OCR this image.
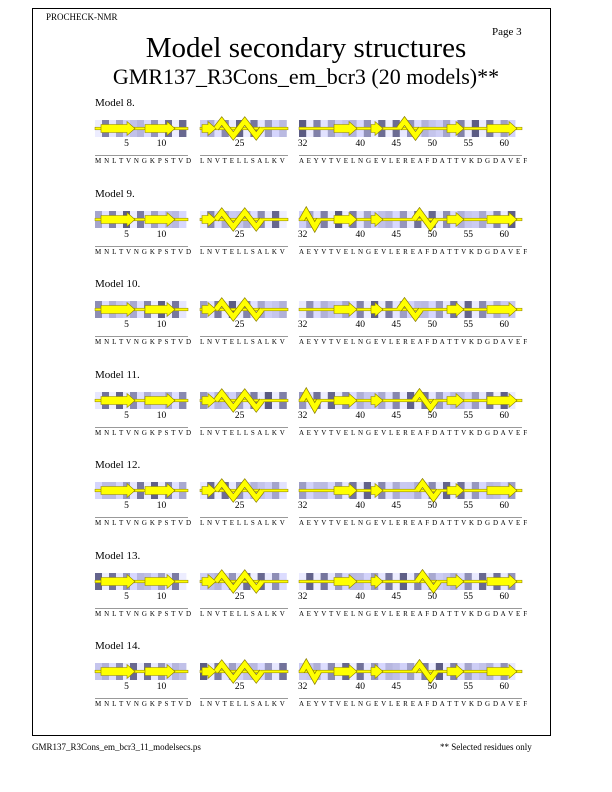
PROCHECK-NMR
Page 3
Model secondary structures
GMR137_R3Cons_em_bcr3 (20 models)**
Model 8.
5	10
M N L T V N G K P S T V D
25
L N V T E L L S A L K V
32	40	45	50	55	60
A E Y V T V E L N G E V L E R E A F D A T T V K D G D A V E F
Model 9.
5	10
M N L T V N G K P S T V D
25
L N V T E L L S A L K V
32	40	45	50	55	60
A E Y V T V E L N G E V L E R E A F D A T T V K D G D A V E F
Model 10.
5	10
M N L T V N G K P S T V D
25
L N V T E L L S A L K V
32	40	45	50	55	60
A E Y V T V E L N G E V L E R E A F D A T T V K D G D A V E F
Model 11.
5	10
M N L T V N G K P S T V D
25
L N V T E L L S A L K V
32	40	45	50	55	60
A E Y V T V E L N G E V L E R E A F D A T T V K D G D A V E F
Model 12.
5	10
M N L T V N G K P S T V D
25
L N V T E L L S A L K V
32	40	45	50	55	60
A E Y V T V E L N G E V L E R E A F D A T T V K D G D A V E F
Model 13.
5	10
M N L T V N G K P S T V D
25
L N V T E L L S A L K V
32	40	45	50	55	60
A E Y V T V E L N G E V L E R E A F D A T T V K D G D A V E F
Model 14.
5	10
M N L T V N G K P S T V D
25
L N V T E L L S A L K V
32	40	45	50	55	60
A E Y V T V E L N G E V L E R E A F D A T T V K D G D A V E F
GMR137_R3Cons_em_bcr3_11_modelsecs.ps	** Selected residues only
